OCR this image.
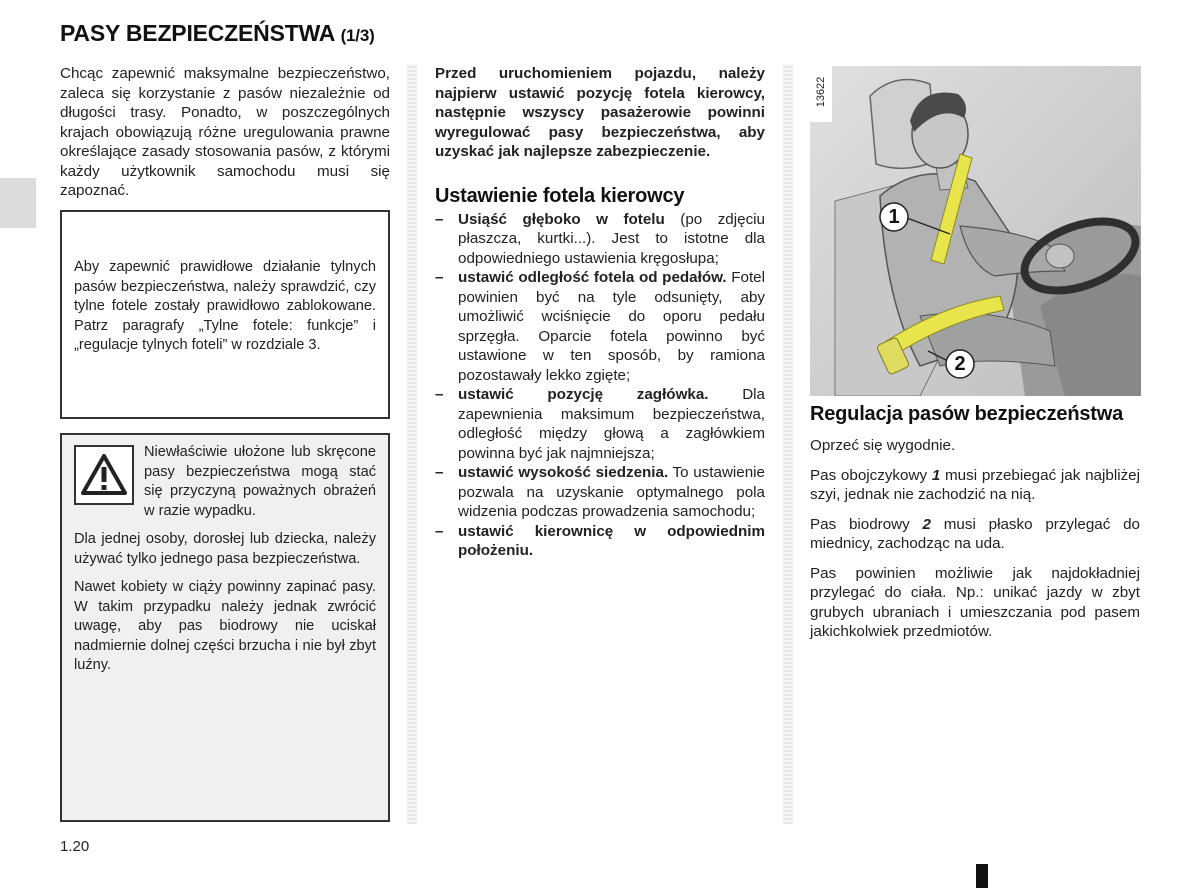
PASY BEZPIECZEŃSTWA (1/3)

Chcąc zapewnić maksymalne bezpieczeństwo, zaleca się korzystanie z pasów niezależnie od długości trasy. Ponadto, w poszczególnych krajach obowiązują różne uregulowania prawne określające zasady stosowania pasów, z którymi każdy użytkownik samochodu musi się zapoznać.

Aby zapewnić prawidłowe działanie tylnych pasów bezpieczeństwa, należy sprawdzić, czy tylne fotele zostały prawidłowo zablokowane. Patrz paragrafy „Tylne fotele: funkcje” i „regulacje tylnych foteli” w rozdziale 3.

Niewłaściwie ułożone lub skręcone pasy bezpieczeństwa mogą stać się przyczyną poważnych obrażeń w razie wypadku.

Dla jednej osoby, dorosłej lub dziecka, należy używać tylko jednego pasa bezpieczeństwa.

Nawet kobiety w ciąży powinny zapinać pasy. W takim przypadku należy jednak zwrócić uwagę, aby pas biodrowy nie uciskał nadmiernie dolnej części brzucha i nie był zbyt luźny.

Przed uruchomieniem pojazdu, należy najpierw ustawić pozycję fotela kierowcy, następnie wszyscy pasażerowie powinni wyregulować pasy bezpieczeństwa, aby uzyskać jak najlepsze zabezpieczenie.

Ustawienie fotela kierowcy
– Usiąść głęboko w fotelu (po zdjęciu płaszcza, kurtki...). Jest to istotne dla odpowiedniego ustawienia kręgosłupa;
– ustawić odległość fotela od pedałów. Fotel powinien być na tyle odsunięty, aby umożliwić wciśnięcie do oporu pedału sprzęgła. Oparcie fotela powinno być ustawione w ten sposób, by ramiona pozostawały lekko zgięte;
– ustawić pozycję zagłówka. Dla zapewnienia maksimum bezpieczeństwa, odległość między głową a zagłówkiem powinna być jak najmniejsza;
– ustawić wysokość siedzenia. To ustawienie pozwala na uzyskanie optymalnego pola widzenia podczas prowadzenia samochodu;
– ustawić kierownicę w odpowiednim położeniu.
13622
1
2
Regulacja pasów bezpieczeństwa

Oprzeć się wygodnie.

Pas obojczykowy 1 musi przebiegać jak najbliżej szyi, jednak nie zachodzić na nią.

Pas biodrowy 2 musi płasko przylegać do miednicy, zachodząc na uda.

Pas powinien możliwie jak najdokładniej przylegać do ciała. Np.: unikać jazdy w zbyt grubych ubraniach i umieszczania pod pasem jakichkolwiek przedmiotów.

1.20
